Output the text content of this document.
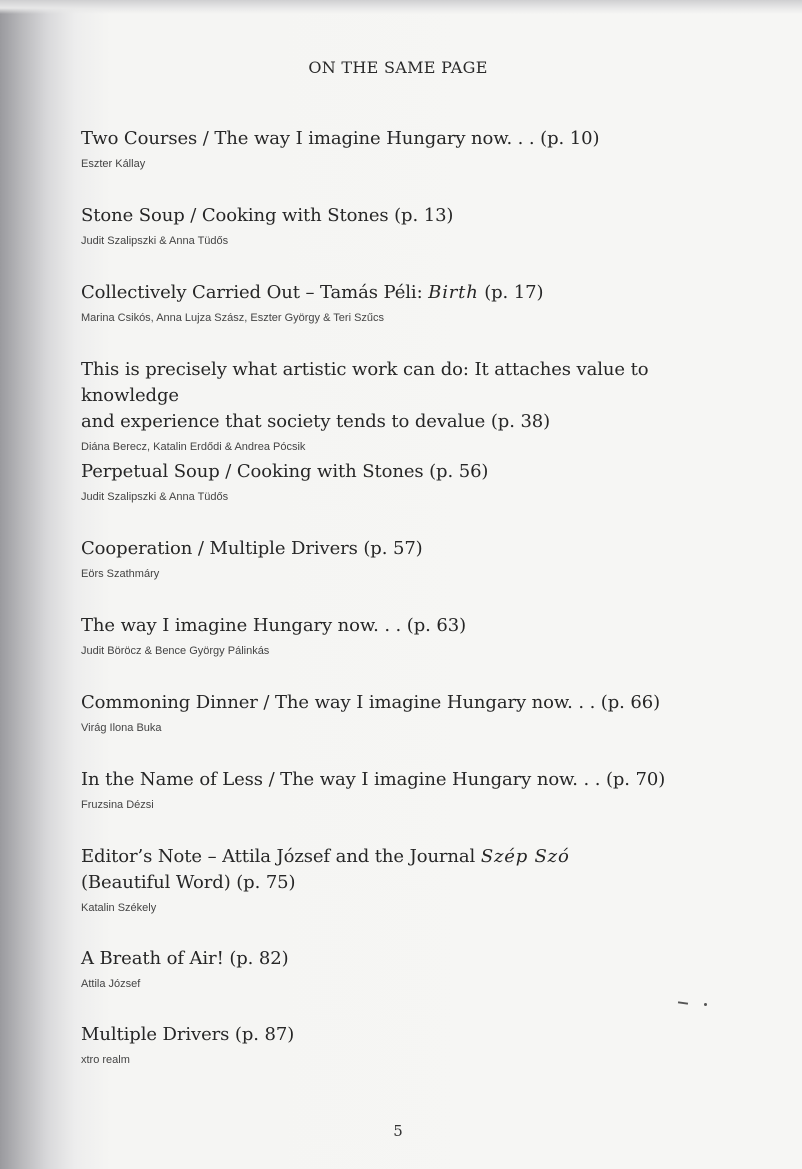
ON THE SAME PAGE
Two Courses / The way I imagine Hungary now. . . (p. 10)
Eszter Kállay
Stone Soup / Cooking with Stones (p. 13)
Judit Szalipszki & Anna Tüdős
Collectively Carried Out – Tamás Péli: Birth (p. 17)
Marina Csikós, Anna Lujza Szász, Eszter György & Teri Szűcs
This is precisely what artistic work can do: It attaches value to knowledge
and experience that society tends to devalue (p. 38)
Diána Berecz, Katalin Erdődi & Andrea Pócsik
Perpetual Soup / Cooking with Stones (p. 56)
Judit Szalipszki & Anna Tüdős
Cooperation / Multiple Drivers (p. 57)
Eörs Szathmáry
The way I imagine Hungary now. . . (p. 63)
Judit Böröcz & Bence György Pálinkás
Commoning Dinner / The way I imagine Hungary now. . . (p. 66)
Virág Ilona Buka
In the Name of Less / The way I imagine Hungary now. . . (p. 70)
Fruzsina Dézsi
Editor’s Note – Attila József and the Journal Szép Szó
(Beautiful Word) (p. 75)
Katalin Székely
A Breath of Air! (p. 82)
Attila József
Multiple Drivers (p. 87)
xtro realm
5
